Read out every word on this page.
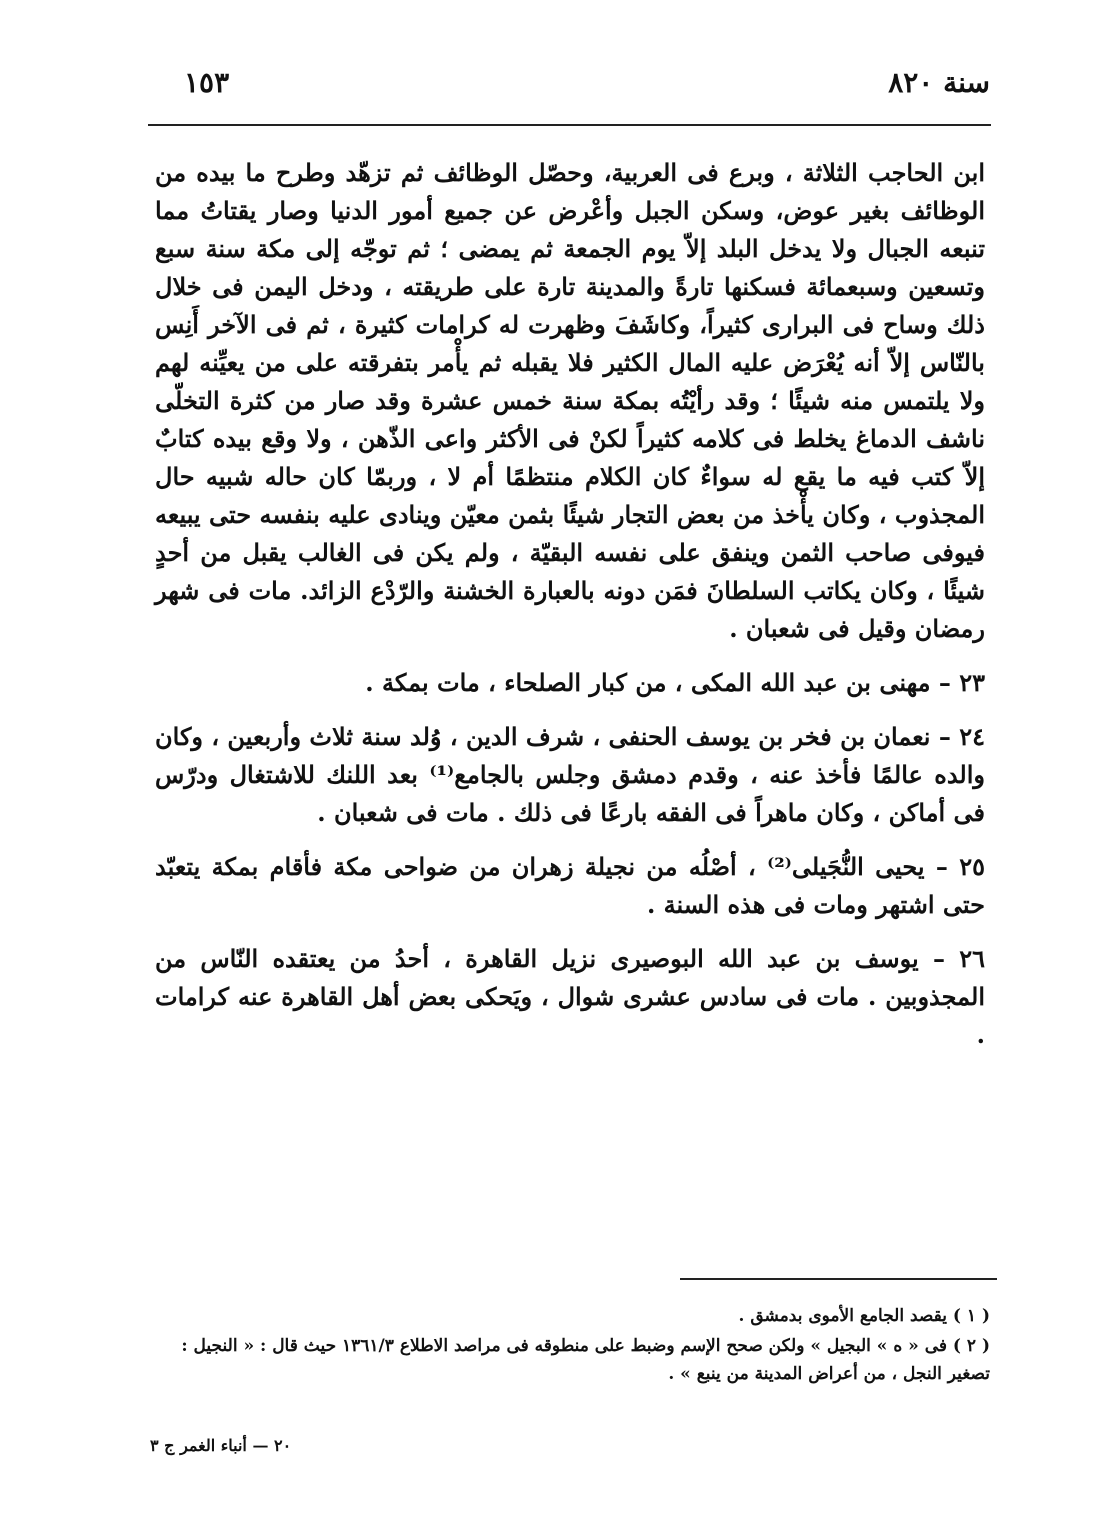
سنة ٨٢٠
١٥٣

ابن الحاجب الثلاثة ، وبرع فى العربية، وحصّل الوظائف ثم تزهّد وطرح ما بيده من الوظائف بغير عوض، وسكن الجبل وأعْرض عن جميع أمور الدنيا وصار يقتاتُ مما تنبعه الجبال ولا يدخل البلد إلاّ يوم الجمعة ثم يمضى ؛ ثم توجّه إلى مكة سنة سبع وتسعين وسبعمائة فسكنها تارةً والمدينة تارة على طريقته ، ودخل اليمن فى خلال ذلك وساح فى البرارى كثيراً، وكاشَفَ وظهرت له كرامات كثيرة ، ثم فى الآخر أَنِس بالنّاس إلاّ أنه يُعْرَض عليه المال الكثير فلا يقبله ثم يأْمر بتفرقته على من يعيِّنه لهم ولا يلتمس منه شيئًا ؛ وقد رأيْتُه بمكة سنة خمس عشرة وقد صار من كثرة التخلّى ناشف الدماغ يخلط فى كلامه كثيراً لكنْ فى الأكثر واعى الذّهن ، ولا وقع بيده كتابٌ إلاّ كتب فيه ما يقع له سواءٌ كان الكلام منتظمًا أم لا ، وربمّا كان حاله شبيه حال المجذوب ، وكان يأْخذ من بعض التجار شيئًا بثمن معيّن وينادى عليه بنفسه حتى يبيعه فيوفى صاحب الثمن وينفق على نفسه البقيّة ، ولم يكن فى الغالب يقبل من أحدٍ شيئًا ، وكان يكاتب السلطانَ فمَن دونه بالعبارة الخشنة والرّدْع الزائد. مات فى شهر رمضان وقيل فى شعبان .

٢٣ – مهنى بن عبد الله المكى ، من كبار الصلحاء ، مات بمكة .

٢٤ – نعمان بن فخر بن يوسف الحنفى ، شرف الدين ، وُلد سنة ثلاث وأربعين ، وكان والده عالمًا فأخذ عنه ، وقدم دمشق وجلس بالجامع⁽¹⁾ بعد اللنك للاشتغال ودرّس فى أماكن ، وكان ماهراً فى الفقه بارعًا فى ذلك . مات فى شعبان .

٢٥ – يحيى النُّجَيلى⁽²⁾ ، أصْلُه من نجيلة زهران من ضواحى مكة فأقام بمكة يتعبّد حتى اشتهر ومات فى هذه السنة .

٢٦ – يوسف بن عبد الله البوصيرى نزيل القاهرة ، أحدُ من يعتقده النّاس من المجذوبين . مات فى سادس عشرى شوال ، ويَحكى بعض أهل القاهرة عنه كرامات .

( ١ ) يقصد الجامع الأموى بدمشق .

( ٢ ) فى « ه » البجيل » ولكن صحح الإسم وضبط على منطوقه فى مراصد الاطلاع ١٣٦١/٣ حيث قال : « النجيل : تصغير النجل ، من أعراض المدينة من ينبع » .

٢٠ — أنباء الغمر ج ٣
